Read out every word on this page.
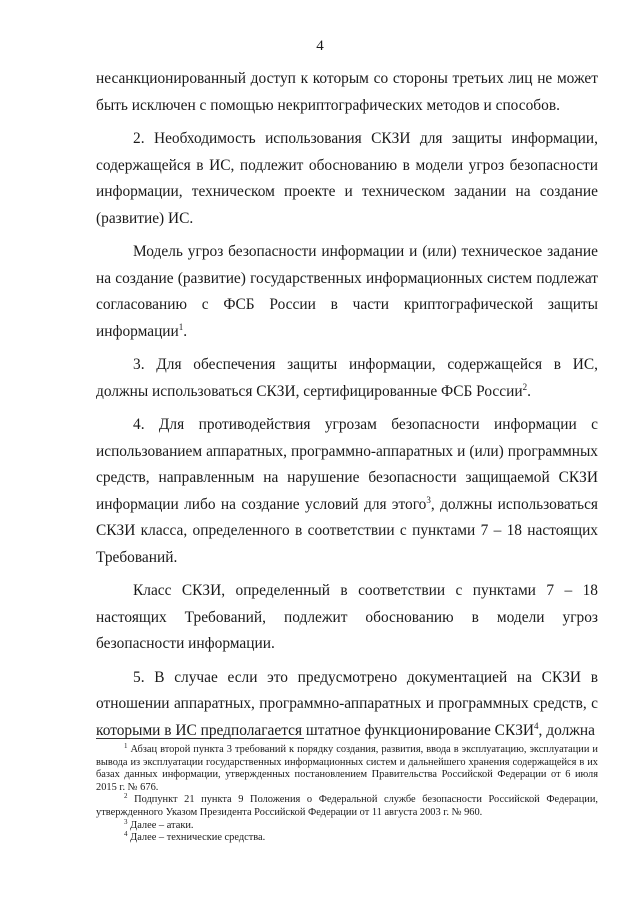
4

несанкционированный доступ к которым со стороны третьих лиц не может быть исключен с помощью некриптографических методов и способов.

2. Необходимость использования СКЗИ для защиты информации, содержащейся в ИС, подлежит обоснованию в модели угроз безопасности информации, техническом проекте и техническом задании на создание (развитие) ИС.

Модель угроз безопасности информации и (или) техническое задание на создание (развитие) государственных информационных систем подлежат согласованию с ФСБ России в части криптографической защиты информации$^1$.

3. Для обеспечения защиты информации, содержащейся в ИС, должны использоваться СКЗИ, сертифицированные ФСБ России$^2$.

4. Для противодействия угрозам безопасности информации с использованием аппаратных, программно-аппаратных и (или) программных средств, направленным на нарушение безопасности защищаемой СКЗИ информации либо на создание условий для этого$^3$, должны использоваться СКЗИ класса, определенного в соответствии с пунктами 7 – 18 настоящих Требований.

Класс СКЗИ, определенный в соответствии с пунктами 7 – 18 настоящих Требований, подлежит обоснованию в модели угроз безопасности информации.

5. В случае если это предусмотрено документацией на СКЗИ в отношении аппаратных, программно-аппаратных и программных средств, с которыми в ИС предполагается штатное функционирование СКЗИ$^4$, должна

$^1$ Абзац второй пункта 3 требований к порядку создания, развития, ввода в эксплуатацию, эксплуатации и вывода из эксплуатации государственных информационных систем и дальнейшего хранения содержащейся в их базах данных информации, утвержденных постановлением Правительства Российской Федерации от 6 июля 2015 г. № 676.

$^2$ Подпункт 21 пункта 9 Положения о Федеральной службе безопасности Российской Федерации, утвержденного Указом Президента Российской Федерации от 11 августа 2003 г. № 960.

$^3$ Далее – атаки.

$^4$ Далее – технические средства.
